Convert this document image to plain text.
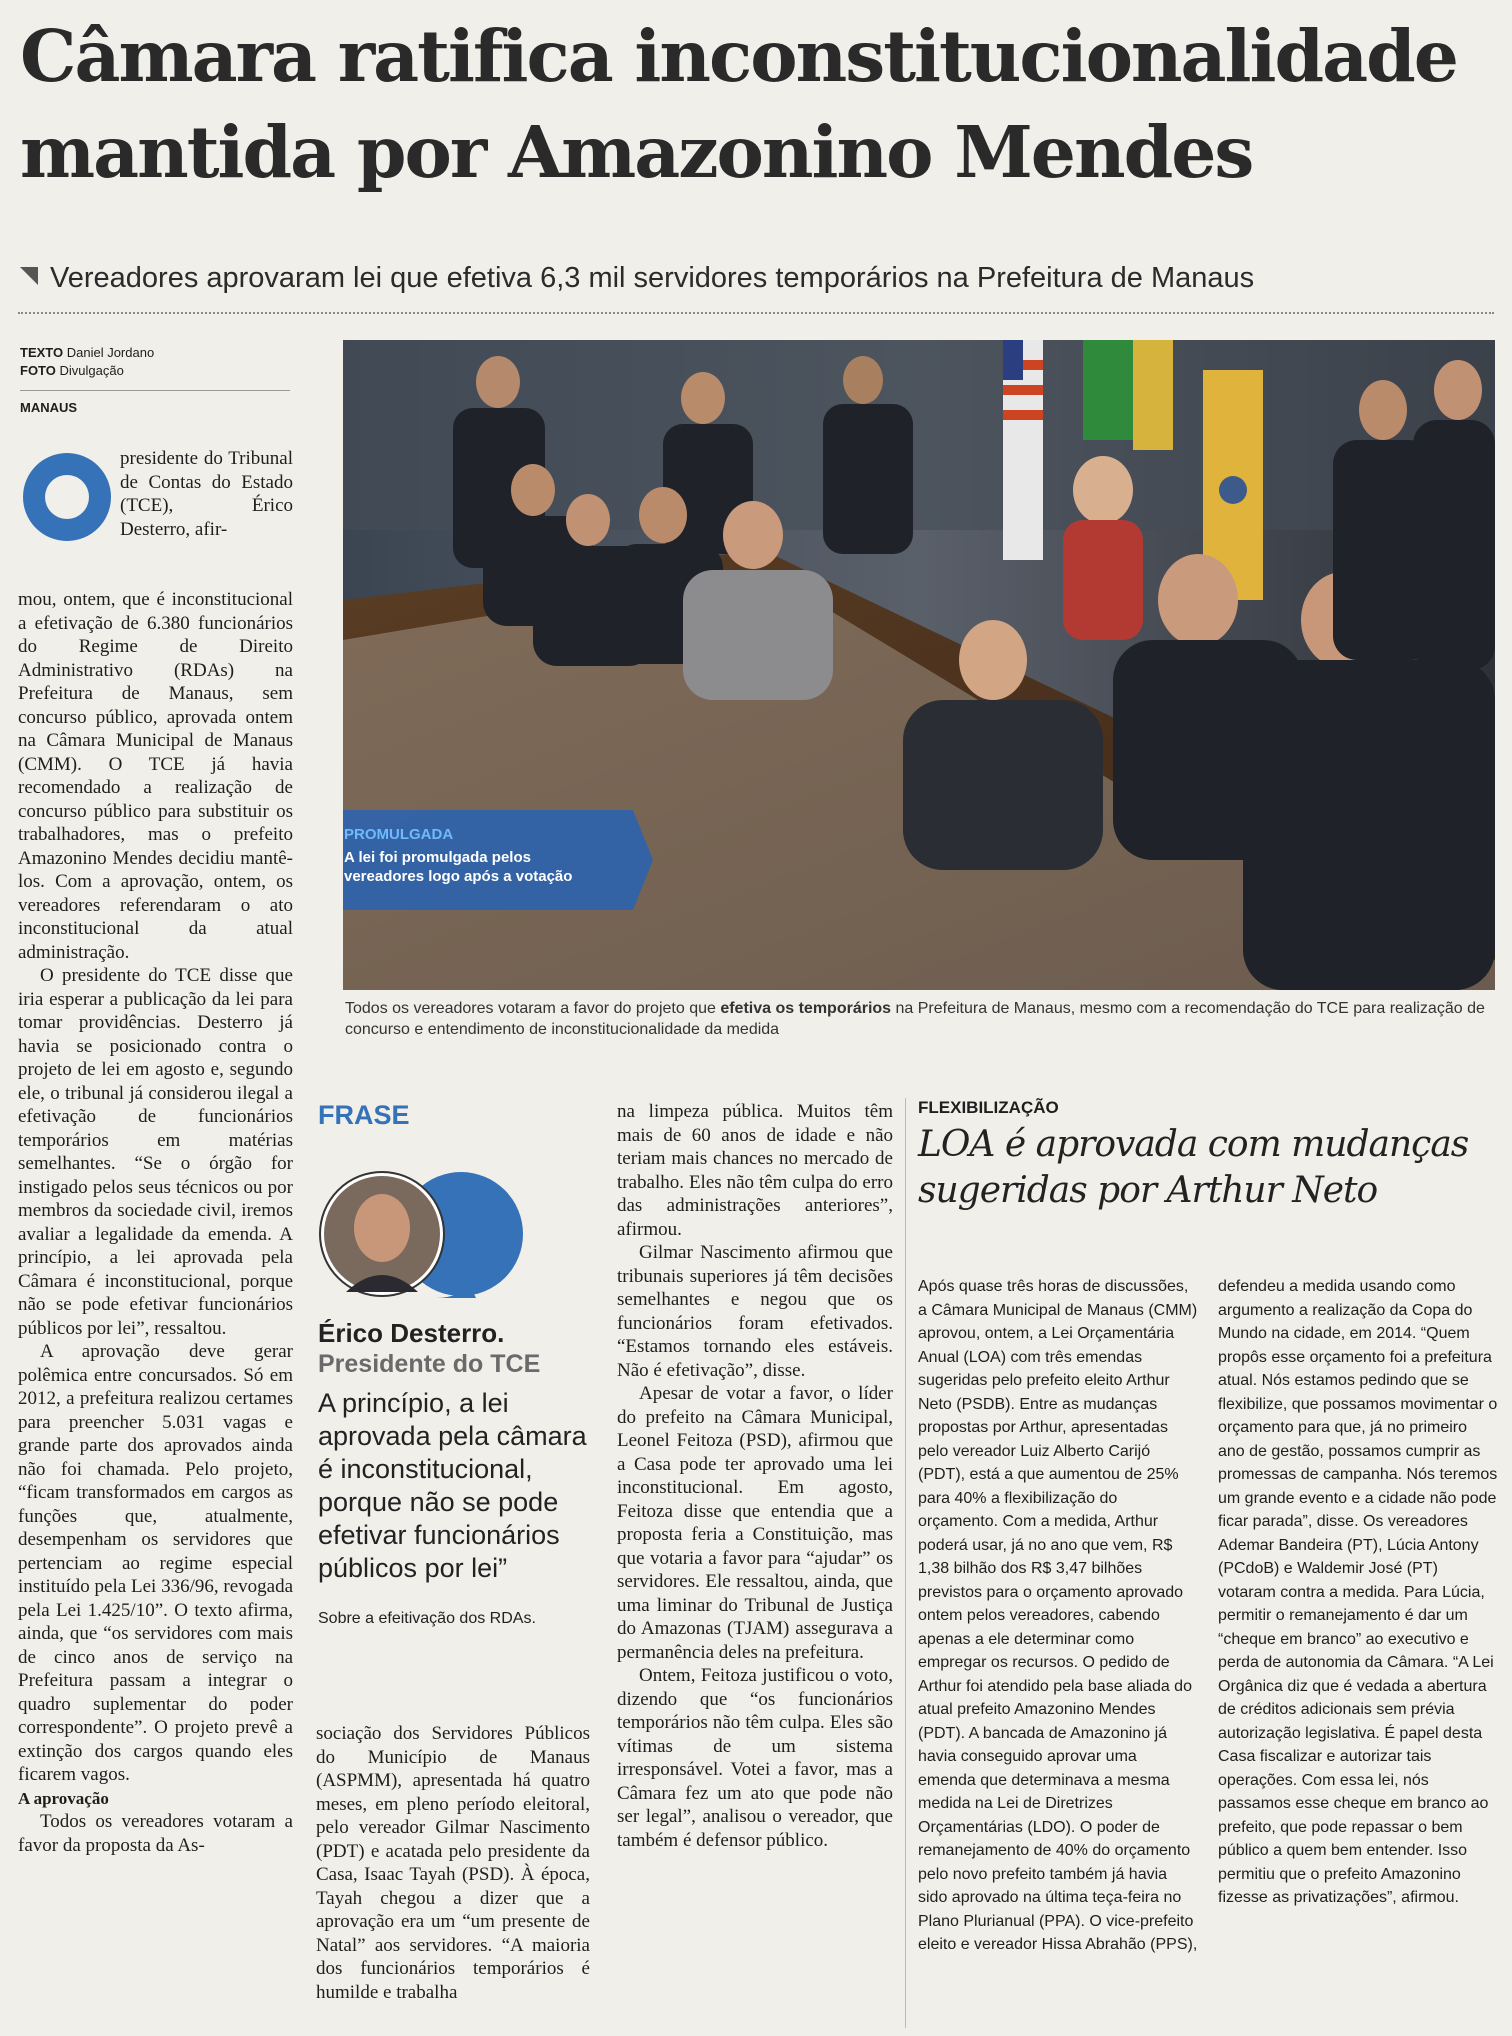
Câmara ratifica inconstitucionalidade
mantida por Amazonino Mendes
Vereadores aprovaram lei que efetiva 6,3 mil servidores temporários na Prefeitura de Manaus
TEXTO Daniel Jordano
FOTO Divulgação
MANAUS
PROMULGADA
A lei foi promulgada pelos vereadores logo após a votação
Todos os vereadores votaram a favor do projeto que efetiva os temporários na Prefeitura de Manaus, mesmo com a recomendação do TCE para realização de concurso e entendimento de inconstitucionalidade da medida
presidente do Tribunal de Contas do Estado (TCE), Érico Desterro, afir-

mou, ontem, que é inconstitucional a efetivação de 6.380 funcionários do Regime de Direito Administrativo (RDAs) na Prefeitura de Manaus, sem concurso público, aprovada ontem na Câmara Municipal de Manaus (CMM). O TCE já havia recomendado a realização de concurso público para substituir os trabalhadores, mas o prefeito Amazonino Mendes decidiu mantê-los. Com a aprovação, ontem, os vereadores referendaram o ato inconstitucional da atual administração.

O presidente do TCE disse que iria esperar a publicação da lei para tomar providências. Desterro já havia se posicionado contra o projeto de lei em agosto e, segundo ele, o tribunal já considerou ilegal a efetivação de funcionários temporários em matérias semelhantes. “Se o órgão for instigado pelos seus técnicos ou por membros da sociedade civil, iremos avaliar a legalidade da emenda. A princípio, a lei aprovada pela Câmara é inconstitucional, porque não se pode efetivar funcionários públicos por lei”, ressaltou.

A aprovação deve gerar polêmica entre concursados. Só em 2012, a prefeitura realizou certames para preencher 5.031 vagas e grande parte dos aprovados ainda não foi chamada. Pelo projeto, “ficam transformados em cargos as funções que, atualmente, desempenham os servidores que pertenciam ao regime especial instituído pela Lei 336/96, revogada pela Lei 1.425/10”. O texto afirma, ainda, que “os servidores com mais de cinco anos de serviço na Prefeitura passam a integrar o quadro suplementar do poder correspondente”. O projeto prevê a extinção dos cargos quando eles ficarem vagos.

A aprovação

Todos os vereadores votaram a favor da proposta da As-

FRASE
Érico Desterro.
Presidente do TCE
A princípio, a lei aprovada pela câmara é inconstitucional, porque não se pode efetivar funcionários públicos por lei”
Sobre a efeitivação dos RDAs.

sociação dos Servidores Públicos do Município de Manaus (ASPMM), apresentada há quatro meses, em pleno período eleitoral, pelo vereador Gilmar Nascimento (PDT) e acatada pelo presidente da Casa, Isaac Tayah (PSD). À época, Tayah chegou a dizer que a aprovação era um “um presente de Natal” aos servidores. “A maioria dos funcionários temporários é humilde e trabalha

na limpeza pública. Muitos têm mais de 60 anos de idade e não teriam mais chances no mercado de trabalho. Eles não têm culpa do erro das administrações anteriores”, afirmou.

Gilmar Nascimento afirmou que tribunais superiores já têm decisões semelhantes e negou que os funcionários foram efetivados. “Estamos tornando eles estáveis. Não é efetivação”, disse.

Apesar de votar a favor, o líder do prefeito na Câmara Municipal, Leonel Feitoza (PSD), afirmou que a Casa pode ter aprovado uma lei inconstitucional. Em agosto, Feitoza disse que entendia que a proposta feria a Constituição, mas que votaria a favor para “ajudar” os servidores. Ele ressaltou, ainda, que uma liminar do Tribunal de Justiça do Amazonas (TJAM) assegurava a permanência deles na prefeitura.

Ontem, Feitoza justificou o voto, dizendo que “os funcionários temporários não têm culpa. Eles são vítimas de um sistema irresponsável. Votei a favor, mas a Câmara fez um ato que pode não ser legal”, analisou o vereador, que também é defensor público.

FLEXIBILIZAÇÃO
LOA é aprovada com mudanças sugeridas por Arthur Neto

Após quase três horas de discussões, a Câmara Municipal de Manaus (CMM) aprovou, ontem, a Lei Orçamentária Anual (LOA) com três emendas sugeridas pelo prefeito eleito Arthur Neto (PSDB). Entre as mudanças propostas por Arthur, apresentadas pelo vereador Luiz Alberto Carijó (PDT), está a que aumentou de 25% para 40% a flexibilização do orçamento. Com a medida, Arthur poderá usar, já no ano que vem, R$ 1,38 bilhão dos R$ 3,47 bilhões previstos para o orçamento aprovado ontem pelos vereadores, cabendo apenas a ele determinar como empregar os recursos. O pedido de Arthur foi atendido pela base aliada do atual prefeito Amazonino Mendes (PDT). A bancada de Amazonino já havia conseguido aprovar uma emenda que determinava a mesma medida na Lei de Diretrizes Orçamentárias (LDO). O poder de remanejamento de 40% do orçamento pelo novo prefeito também já havia sido aprovado na última teça-feira no Plano Plurianual (PPA). O vice-prefeito eleito e vereador Hissa Abrahão (PPS),

defendeu a medida usando como argumento a realização da Copa do Mundo na cidade, em 2014. “Quem propôs esse orçamento foi a prefeitura atual. Nós estamos pedindo que se flexibilize, que possamos movimentar o orçamento para que, já no primeiro ano de gestão, possamos cumprir as promessas de campanha. Nós teremos um grande evento e a cidade não pode ficar parada”, disse. Os vereadores Ademar Bandeira (PT), Lúcia Antony (PCdoB) e Waldemir José (PT) votaram contra a medida. Para Lúcia, permitir o remanejamento é dar um “cheque em branco” ao executivo e perda de autonomia da Câmara. “A Lei Orgânica diz que é vedada a abertura de créditos adicionais sem prévia autorização legislativa. É papel desta Casa fiscalizar e autorizar tais operações. Com essa lei, nós passamos esse cheque em branco ao prefeito, que pode repassar o bem público a quem bem entender. Isso permitiu que o prefeito Amazonino fizesse as privatizações”, afirmou.
